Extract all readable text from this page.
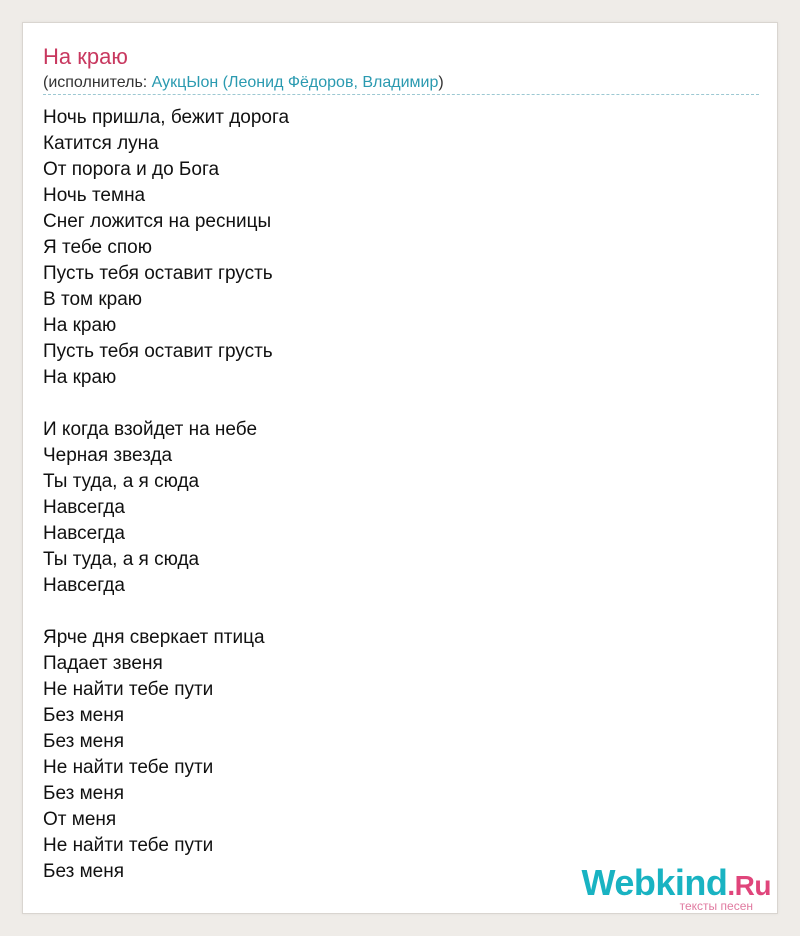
На краю
(исполнитель: АукцЫон (Леонид Фёдоров, Владимир)
Ночь пришла, бежит дорога
Катится луна
От порога и до Бога
Ночь темна
Снег ложится на ресницы
Я тебе спою
Пусть тебя оставит грусть
В том краю
На краю
Пусть тебя оставит грусть
На краю
И когда взойдет на небе
Черная звезда
Ты туда, а я сюда
Навсегда
Навсегда
Ты туда, а я сюда
Навсегда
Ярче дня сверкает птица
Падает звеня
Не найти тебе пути
Без меня
Без меня
Не найти тебе пути
Без меня
От меня
Не найти тебе пути
Без меня	Webkind.Ru
тексты песен
